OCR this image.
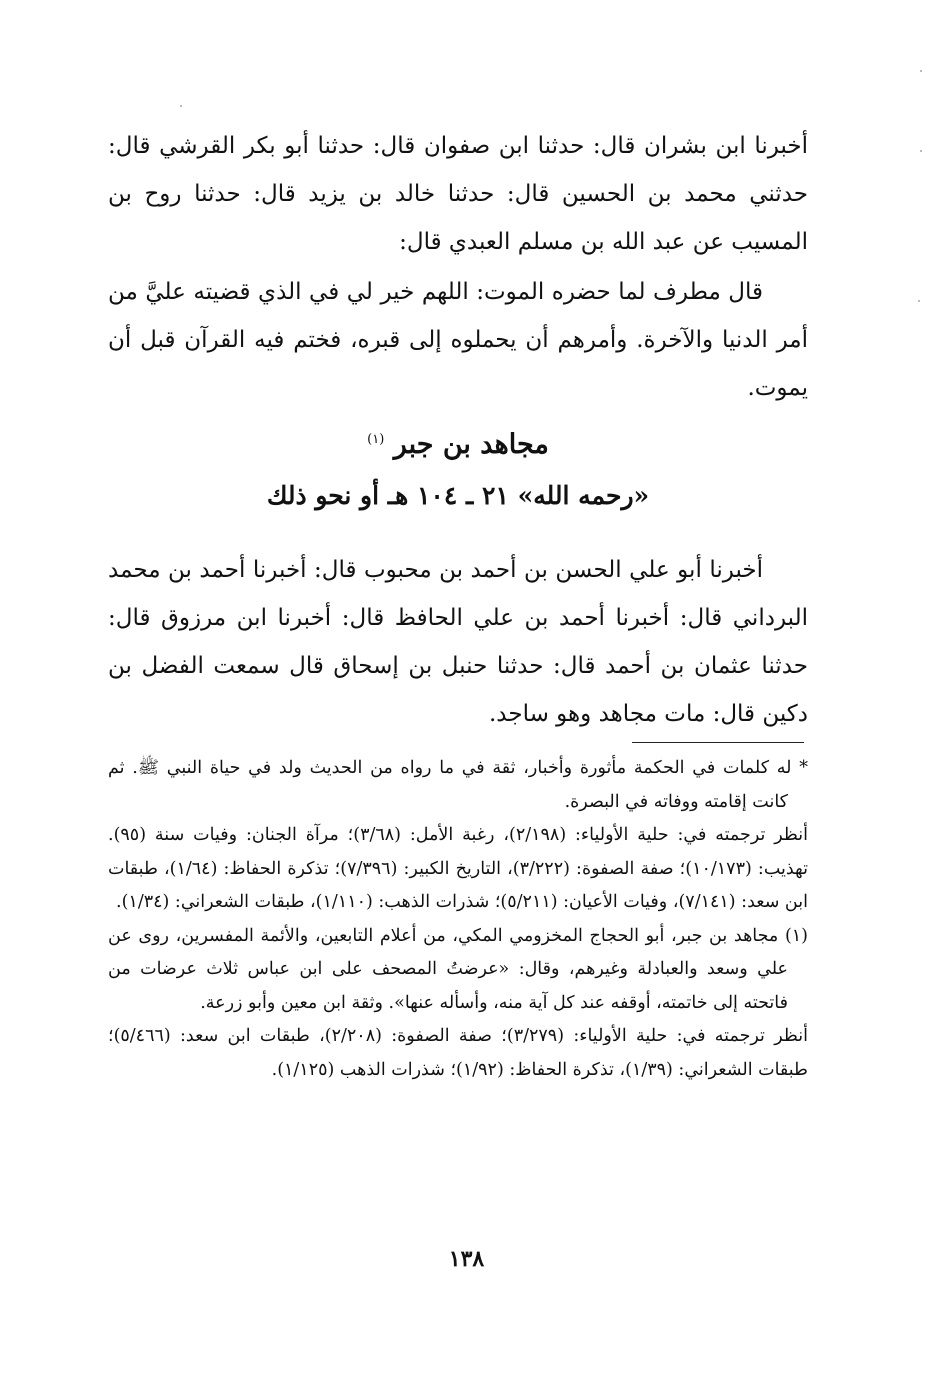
أخبرنا ابن بشران قال: حدثنا ابن صفوان قال: حدثنا أبو بكر القرشي قال: حدثني محمد بن الحسين قال: حدثنا خالد بن يزيد قال: حدثنا روح بن المسيب عن عبد الله بن مسلم العبدي قال:

قال مطرف لما حضره الموت: اللهم خير لي في الذي قضيته عليَّ من أمر الدنيا والآخرة. وأمرهم أن يحملوه إلى قبره، فختم فيه القرآن قبل أن يموت.

مجاهد بن جبر $^{(١)}$
«رحمه الله» ٢١ ـ ١٠٤ هـ أو نحو ذلك

أخبرنا أبو علي الحسن بن أحمد بن محبوب قال: أخبرنا أحمد بن محمد البرداني قال: أخبرنا أحمد بن علي الحافظ قال: أخبرنا ابن مرزوق قال: حدثنا عثمان بن أحمد قال: حدثنا حنبل بن إسحاق قال سمعت الفضل بن دكين قال: مات مجاهد وهو ساجد.

* له كلمات في الحكمة مأثورة وأخبار، ثقة في ما رواه من الحديث ولد في حياة النبي ﷺ. ثم كانت إقامته ووفاته في البصرة.

أنظر ترجمته في: حلية الأولياء: (٢/١٩٨)، رغبة الأمل: (٣/٦٨)؛ مرآة الجنان: وفيات سنة (٩٥). تهذيب: (١٠/١٧٣)؛ صفة الصفوة: (٣/٢٢٢)، التاريخ الكبير: (٧/٣٩٦)؛ تذكرة الحفاظ: (١/٦٤)، طبقات ابن سعد: (٧/١٤١)، وفيات الأعيان: (٥/٢١١)؛ شذرات الذهب: (١/١١٠)، طبقات الشعراني: (١/٣٤).

(١) مجاهد بن جبر، أبو الحجاج المخزومي المكي، من أعلام التابعين، والأئمة المفسرين، روى عن علي وسعد والعبادلة وغيرهم، وقال: «عرضتُ المصحف على ابن عباس ثلاث عرضات من فاتحته إلى خاتمته، أوقفه عند كل آية منه، وأسأله عنها». وثقة ابن معين وأبو زرعة.

أنظر ترجمته في: حلية الأولياء: (٣/٢٧٩)؛ صفة الصفوة: (٢/٢٠٨)، طبقات ابن سعد: (٥/٤٦٦)؛ طبقات الشعراني: (١/٣٩)، تذكرة الحفاظ: (١/٩٢)؛ شذرات الذهب (١/١٢٥).

١٣٨
